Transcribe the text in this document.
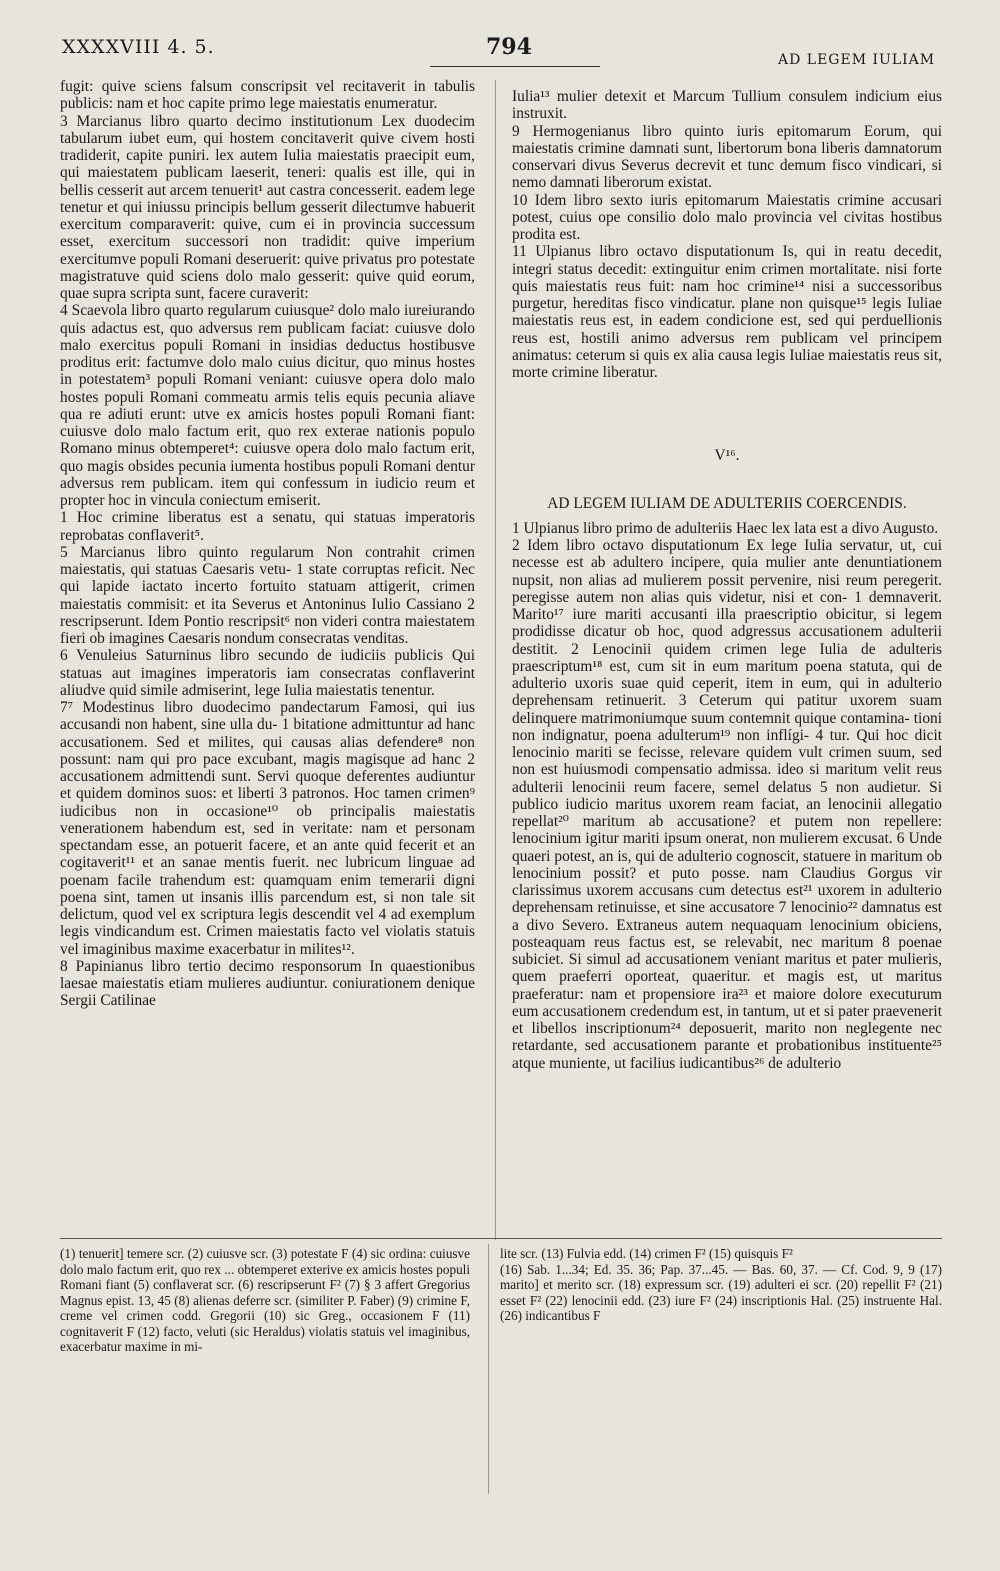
XXXXVIII 4. 5.	794	AD LEGEM IULIAM

fugit: quive sciens falsum conscripsit vel recitaverit in tabulis publicis: nam et hoc capite primo lege maiestatis enumeratur.

3 Marcianus libro quarto decimo institutionum Lex duodecim tabularum iubet eum, qui hostem concitaverit quive civem hosti tradiderit, capite puniri. lex autem Iulia maiestatis praecipit eum, qui maiestatem publicam laeserit, teneri: qualis est ille, qui in bellis cesserit aut arcem tenuerit¹ aut castra concesserit. eadem lege tenetur et qui iniussu principis bellum gesserit dilectumve habuerit exercitum comparaverit: quive, cum ei in provincia successum esset, exercitum successori non tradidit: quive imperium exercitumve populi Romani deseruerit: quive privatus pro potestate magistratuve quid sciens dolo malo gesserit: quive quid eorum, quae supra scripta sunt, facere curaverit:

4 Scaevola libro quarto regularum cuiusque² dolo malo iureiurando quis adactus est, quo adversus rem publicam faciat: cuiusve dolo malo exercitus populi Romani in insidias deductus hostibusve proditus erit: factumve dolo malo cuius dicitur, quo minus hostes in potestatem³ populi Romani veniant: cuiusve opera dolo malo hostes populi Romani commeatu armis telis equis pecunia aliave qua re adiuti erunt: utve ex amicis hostes populi Romani fiant: cuiusve dolo malo factum erit, quo rex exterae nationis populo Romano minus obtemperet⁴: cuiusve opera dolo malo factum erit, quo magis obsides pecunia iumenta hostibus populi Romani dentur adversus rem publicam. item qui confessum in iudicio reum et propter hoc in vincula coniectum emiserit.

1 Hoc crimine liberatus est a senatu, qui statuas imperatoris reprobatas conflaverit⁵.

5 Marcianus libro quinto regularum Non contrahit crimen maiestatis, qui statuas Caesaris vetu- 1 state corruptas reficit. Nec qui lapide iactato incerto fortuito statuam attigerit, crimen maiestatis commisit: et ita Severus et Antoninus Iulio Cassiano 2 rescripserunt. Idem Pontio rescripsit⁶ non videri contra maiestatem fieri ob imagines Caesaris nondum consecratas venditas.

6 Venuleius Saturninus libro secundo de iudiciis publicis Qui statuas aut imagines imperatoris iam consecratas conflaverint aliudve quid simile admiserint, lege Iulia maiestatis tenentur.

7⁷ Modestinus libro duodecimo pandectarum Famosi, qui ius accusandi non habent, sine ulla du- 1 bitatione admittuntur ad hanc accusationem. Sed et milites, qui causas alias defendere⁸ non possunt: nam qui pro pace excubant, magis magisque ad hanc 2 accusationem admittendi sunt. Servi quoque deferentes audiuntur et quidem dominos suos: et liberti 3 patronos. Hoc tamen crimen⁹ iudicibus non in occasione¹⁰ ob principalis maiestatis venerationem habendum est, sed in veritate: nam et personam spectandam esse, an potuerit facere, et an ante quid fecerit et an cogitaverit¹¹ et an sanae mentis fuerit. nec lubricum linguae ad poenam facile trahendum est: quamquam enim temerarii digni poena sint, tamen ut insanis illis parcendum est, si non tale sit delictum, quod vel ex scriptura legis descendit vel 4 ad exemplum legis vindicandum est. Crimen maiestatis facto vel violatis statuis vel imaginibus maxime exacerbatur in milites¹².

8 Papinianus libro tertio decimo responsorum In quaestionibus laesae maiestatis etiam mulieres audiuntur. coniurationem denique Sergii Catilinae

Iulia¹³ mulier detexit et Marcum Tullium consulem indicium eius instruxit.

9 Hermogenianus libro quinto iuris epitomarum Eorum, qui maiestatis crimine damnati sunt, libertorum bona liberis damnatorum conservari divus Severus decrevit et tunc demum fisco vindicari, si nemo damnati liberorum existat.

10 Idem libro sexto iuris epitomarum Maiestatis crimine accusari potest, cuius ope consilio dolo malo provincia vel civitas hostibus prodita est.

11 Ulpianus libro octavo disputationum Is, qui in reatu decedit, integri status decedit: extinguitur enim crimen mortalitate. nisi forte quis maiestatis reus fuit: nam hoc crimine¹⁴ nisi a successoribus purgetur, hereditas fisco vindicatur. plane non quisque¹⁵ legis Iuliae maiestatis reus est, in eadem condicione est, sed qui perduellionis reus est, hostili animo adversus rem publicam vel principem animatus: ceterum si quis ex alia causa legis Iuliae maiestatis reus sit, morte crimine liberatur.

V¹⁶.

AD LEGEM IULIAM DE ADULTERIIS COERCENDIS.

1 Ulpianus libro primo de adulteriis Haec lex lata est a divo Augusto.

2 Idem libro octavo disputationum Ex lege Iulia servatur, ut, cui necesse est ab adultero incipere, quia mulier ante denuntiationem nupsit, non alias ad mulierem possit pervenire, nisi reum peregerit. peregisse autem non alias quis videtur, nisi et con- 1 demnaverit. Marito¹⁷ iure mariti accusanti illa praescriptio obicitur, si legem prodidisse dicatur ob hoc, quod adgressus accusationem adulterii destitit. 2 Lenocinii quidem crimen lege Iulia de adulteris praescriptum¹⁸ est, cum sit in eum maritum poena statuta, qui de adulterio uxoris suae quid ceperit, item in eum, qui in adulterio deprehensam retinuerit. 3 Ceterum qui patitur uxorem suam delinquere matrimoniumque suum contemnit quique contamina- tioni non indignatur, poena adulterum¹⁹ non inflígi- 4 tur. Qui hoc dicit lenocinio mariti se fecisse, relevare quidem vult crimen suum, sed non est huiusmodi compensatio admissa. ideo si maritum velit reus adulterii lenocinii reum facere, semel delatus 5 non audietur. Si publico iudicio maritus uxorem ream faciat, an lenocinii allegatio repellat²⁰ maritum ab accusatione? et putem non repellere: lenocinium igitur mariti ipsum onerat, non mulierem excusat. 6 Unde quaeri potest, an is, qui de adulterio cognoscit, statuere in maritum ob lenocinium possit? et puto posse. nam Claudius Gorgus vir clarissimus uxorem accusans cum detectus est²¹ uxorem in adulterio deprehensam retinuisse, et sine accusatore 7 lenocinio²² damnatus est a divo Severo. Extraneus autem nequaquam lenocinium obiciens, posteaquam reus factus est, se relevabit, nec maritum 8 poenae subiciet. Si simul ad accusationem veniant maritus et pater mulieris, quem praeferri oporteat, quaeritur. et magis est, ut maritus praeferatur: nam et propensiore ira²³ et maiore dolore executurum eum accusationem credendum est, in tantum, ut et si pater praevenerit et libellos inscriptionum²⁴ deposuerit, marito non neglegente nec retardante, sed accusationem parante et probationibus instituente²⁵ atque muniente, ut facilius iudicantibus²⁶ de adulterio

(1) tenuerit] temere scr. (2) cuiusve scr. (3) potestate F (4) sic ordina: cuiusve dolo malo factum erit, quo rex ... obtemperet exterive ex amicis hostes populi Romani fiant (5) conflaverat scr. (6) rescripserunt F² (7) § 3 affert Gregorius Magnus epist. 13, 45 (8) alienas deferre scr. (similiter P. Faber) (9) crimine F, creme vel crimen codd. Gregorii (10) sic Greg., occasionem F (11) cognitaverit F (12) facto, veluti (sic Heraldus) violatis statuis vel imaginibus, exacerbatur maxime in mi-

lite scr. (13) Fulvia edd. (14) crimen F² (15) quisquis F²

(16) Sab. 1...34; Ed. 35. 36; Pap. 37...45. — Bas. 60, 37. — Cf. Cod. 9, 9 (17) marito] et merito scr. (18) expressum scr. (19) adulteri ei scr. (20) repellit F² (21) esset F² (22) lenocinii edd. (23) iure F² (24) inscriptionis Hal. (25) instruente Hal. (26) indicantibus F
